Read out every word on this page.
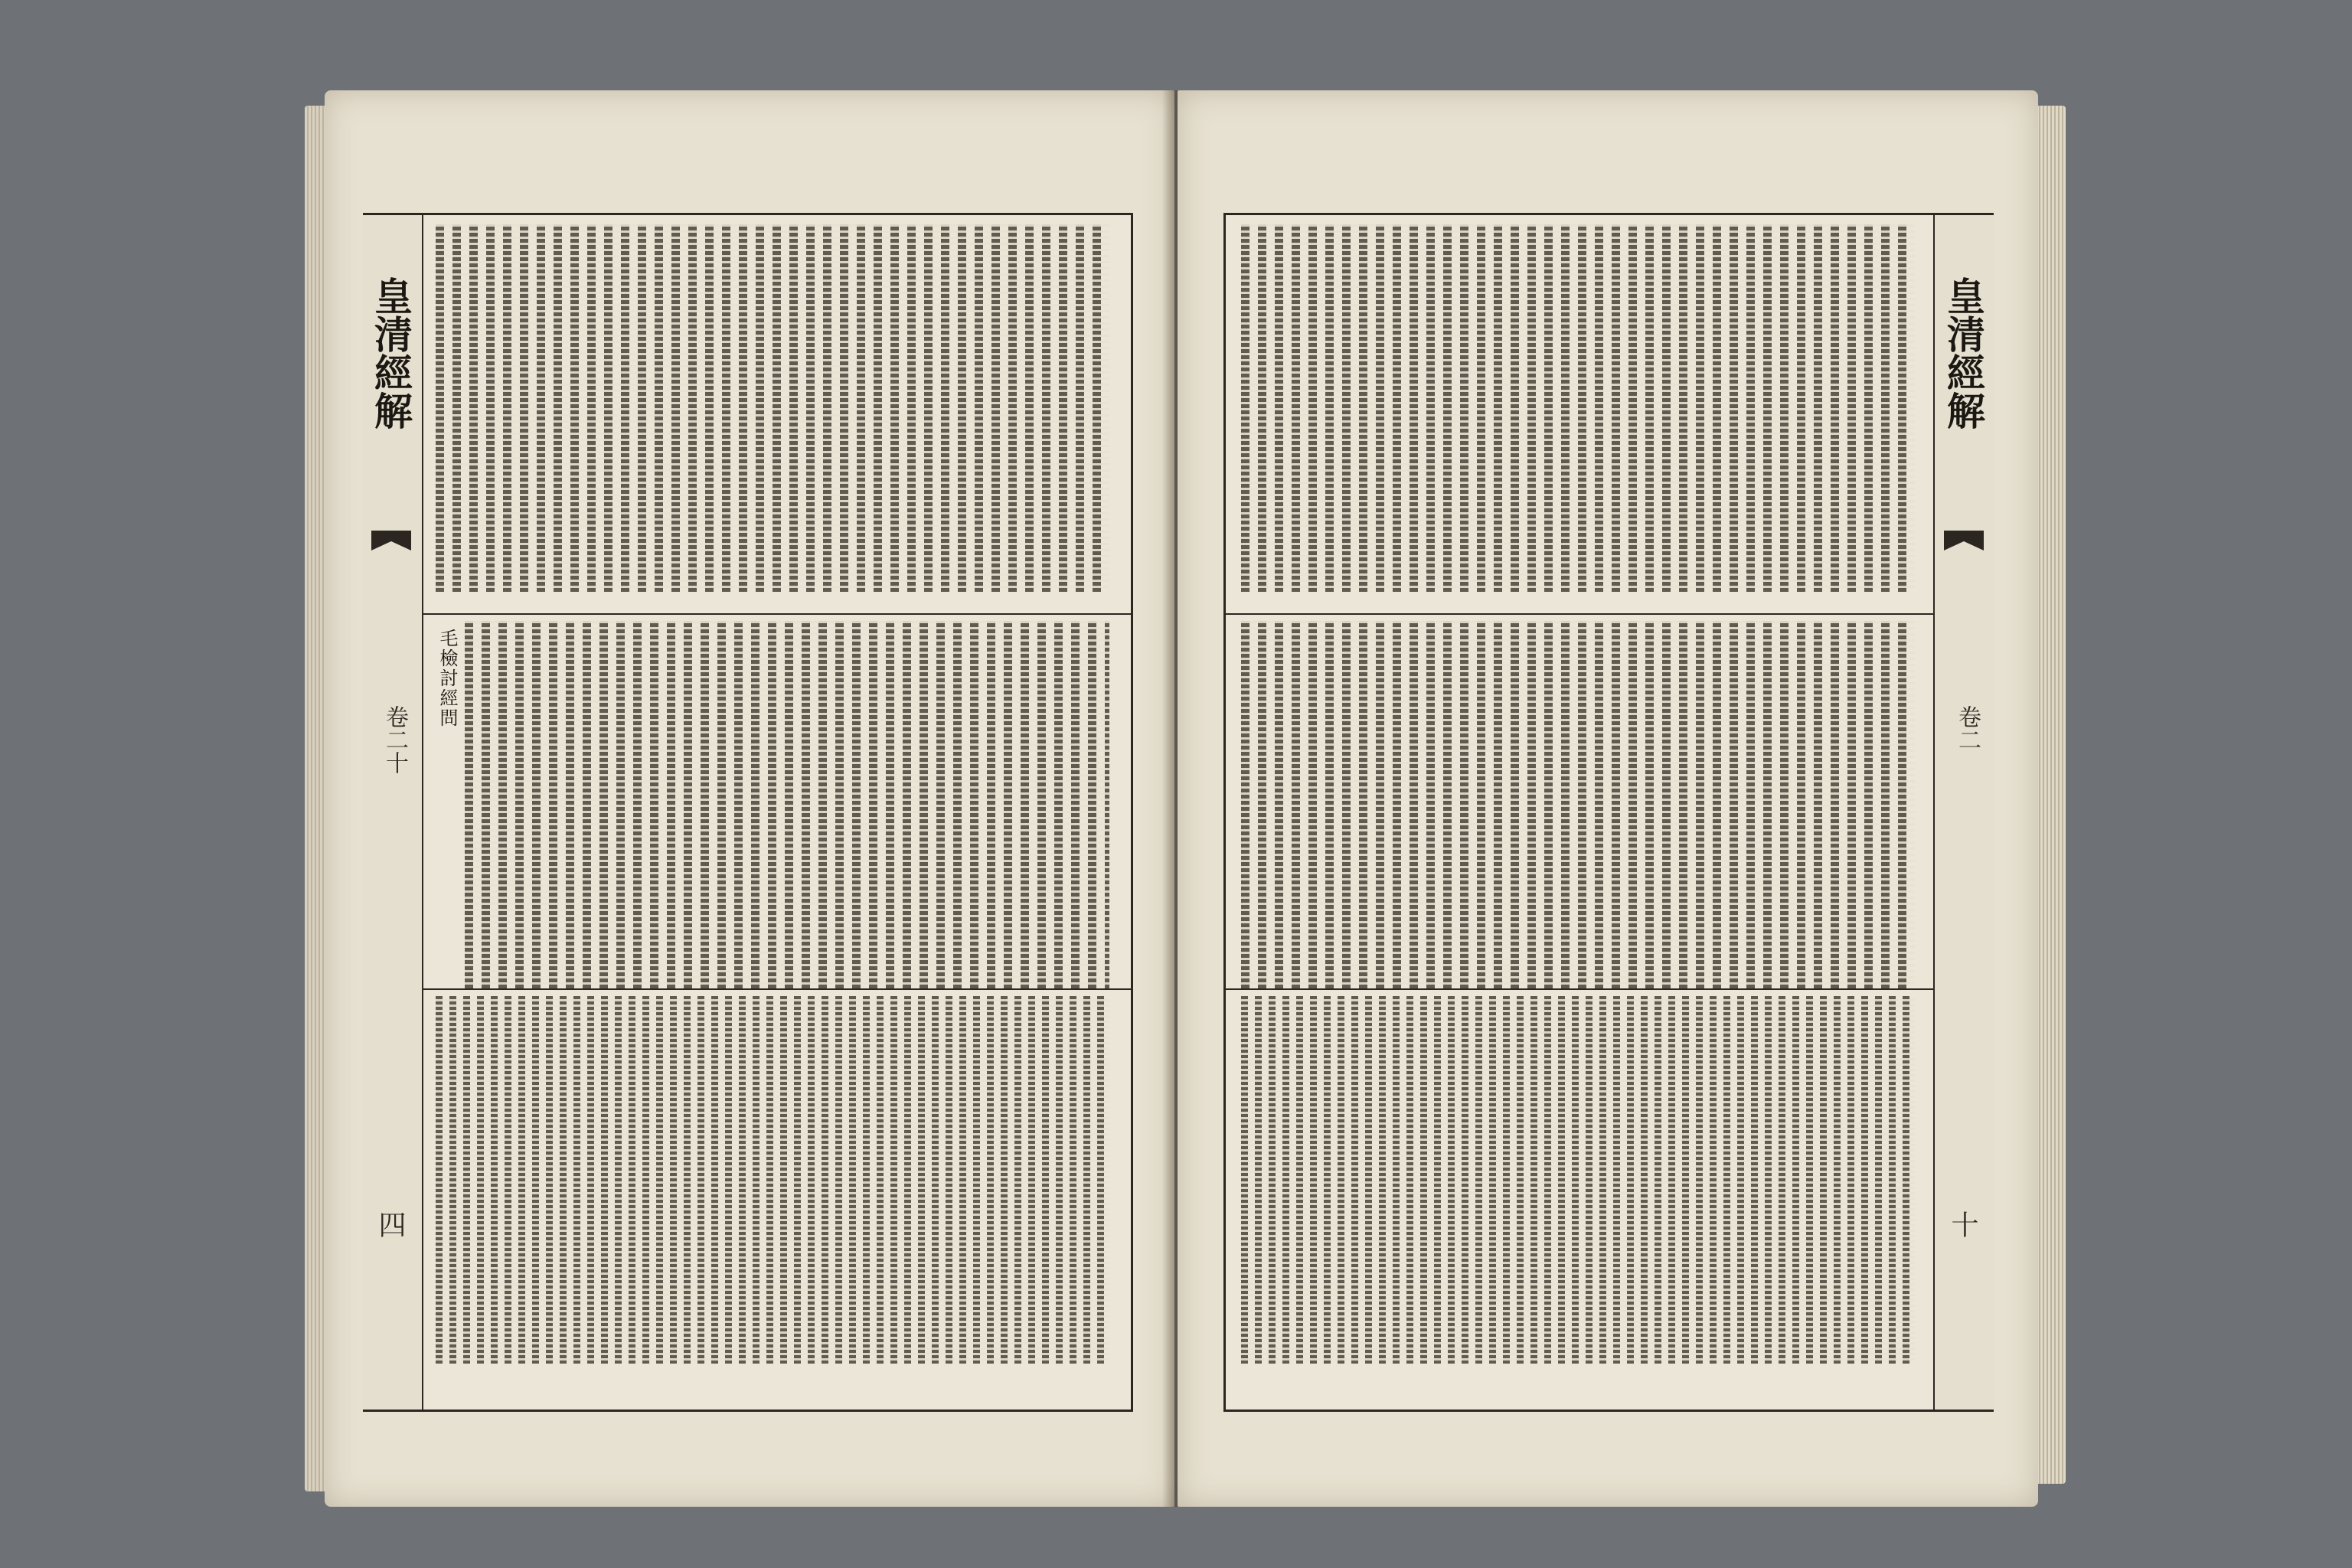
皇清經解
卷二十
四
毛檢討經問
皇清經解
卷二
十
